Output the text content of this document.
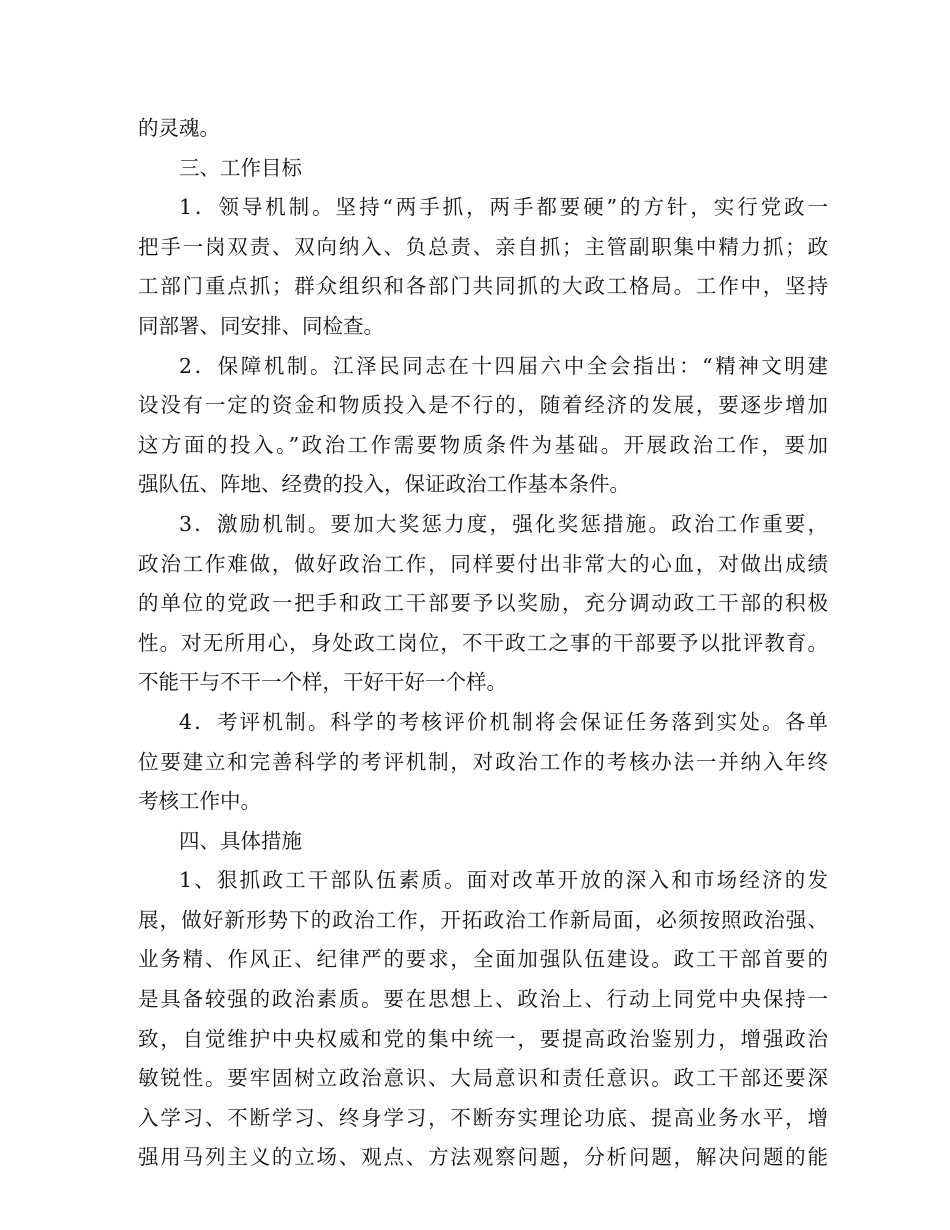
的灵魂。
三、工作目标
1．领导机制。坚持“两手抓，两手都要硬”的方针，实行党政一
把手一岗双责、双向纳入、负总责、亲自抓；主管副职集中精力抓；政
工部门重点抓；群众组织和各部门共同抓的大政工格局。工作中，坚持
同部署、同安排、同检查。
2．保障机制。江泽民同志在十四届六中全会指出：“精神文明建
设没有一定的资金和物质投入是不行的，随着经济的发展，要逐步增加
这方面的投入。”政治工作需要物质条件为基础。开展政治工作，要加
强队伍、阵地、经费的投入，保证政治工作基本条件。
3．激励机制。要加大奖惩力度，强化奖惩措施。政治工作重要，
政治工作难做，做好政治工作，同样要付出非常大的心血，对做出成绩
的单位的党政一把手和政工干部要予以奖励，充分调动政工干部的积极
性。对无所用心，身处政工岗位，不干政工之事的干部要予以批评教育。
不能干与不干一个样，干好干好一个样。
4．考评机制。科学的考核评价机制将会保证任务落到实处。各单
位要建立和完善科学的考评机制，对政治工作的考核办法一并纳入年终
考核工作中。
四、具体措施
1、狠抓政工干部队伍素质。面对改革开放的深入和市场经济的发
展，做好新形势下的政治工作，开拓政治工作新局面，必须按照政治强、
业务精、作风正、纪律严的要求，全面加强队伍建设。政工干部首要的
是具备较强的政治素质。要在思想上、政治上、行动上同党中央保持一
致，自觉维护中央权威和党的集中统一，要提高政治鉴别力，增强政治
敏锐性。要牢固树立政治意识、大局意识和责任意识。政工干部还要深
入学习、不断学习、终身学习，不断夯实理论功底、提高业务水平，增
强用马列主义的立场、观点、方法观察问题，分析问题，解决问题的能
